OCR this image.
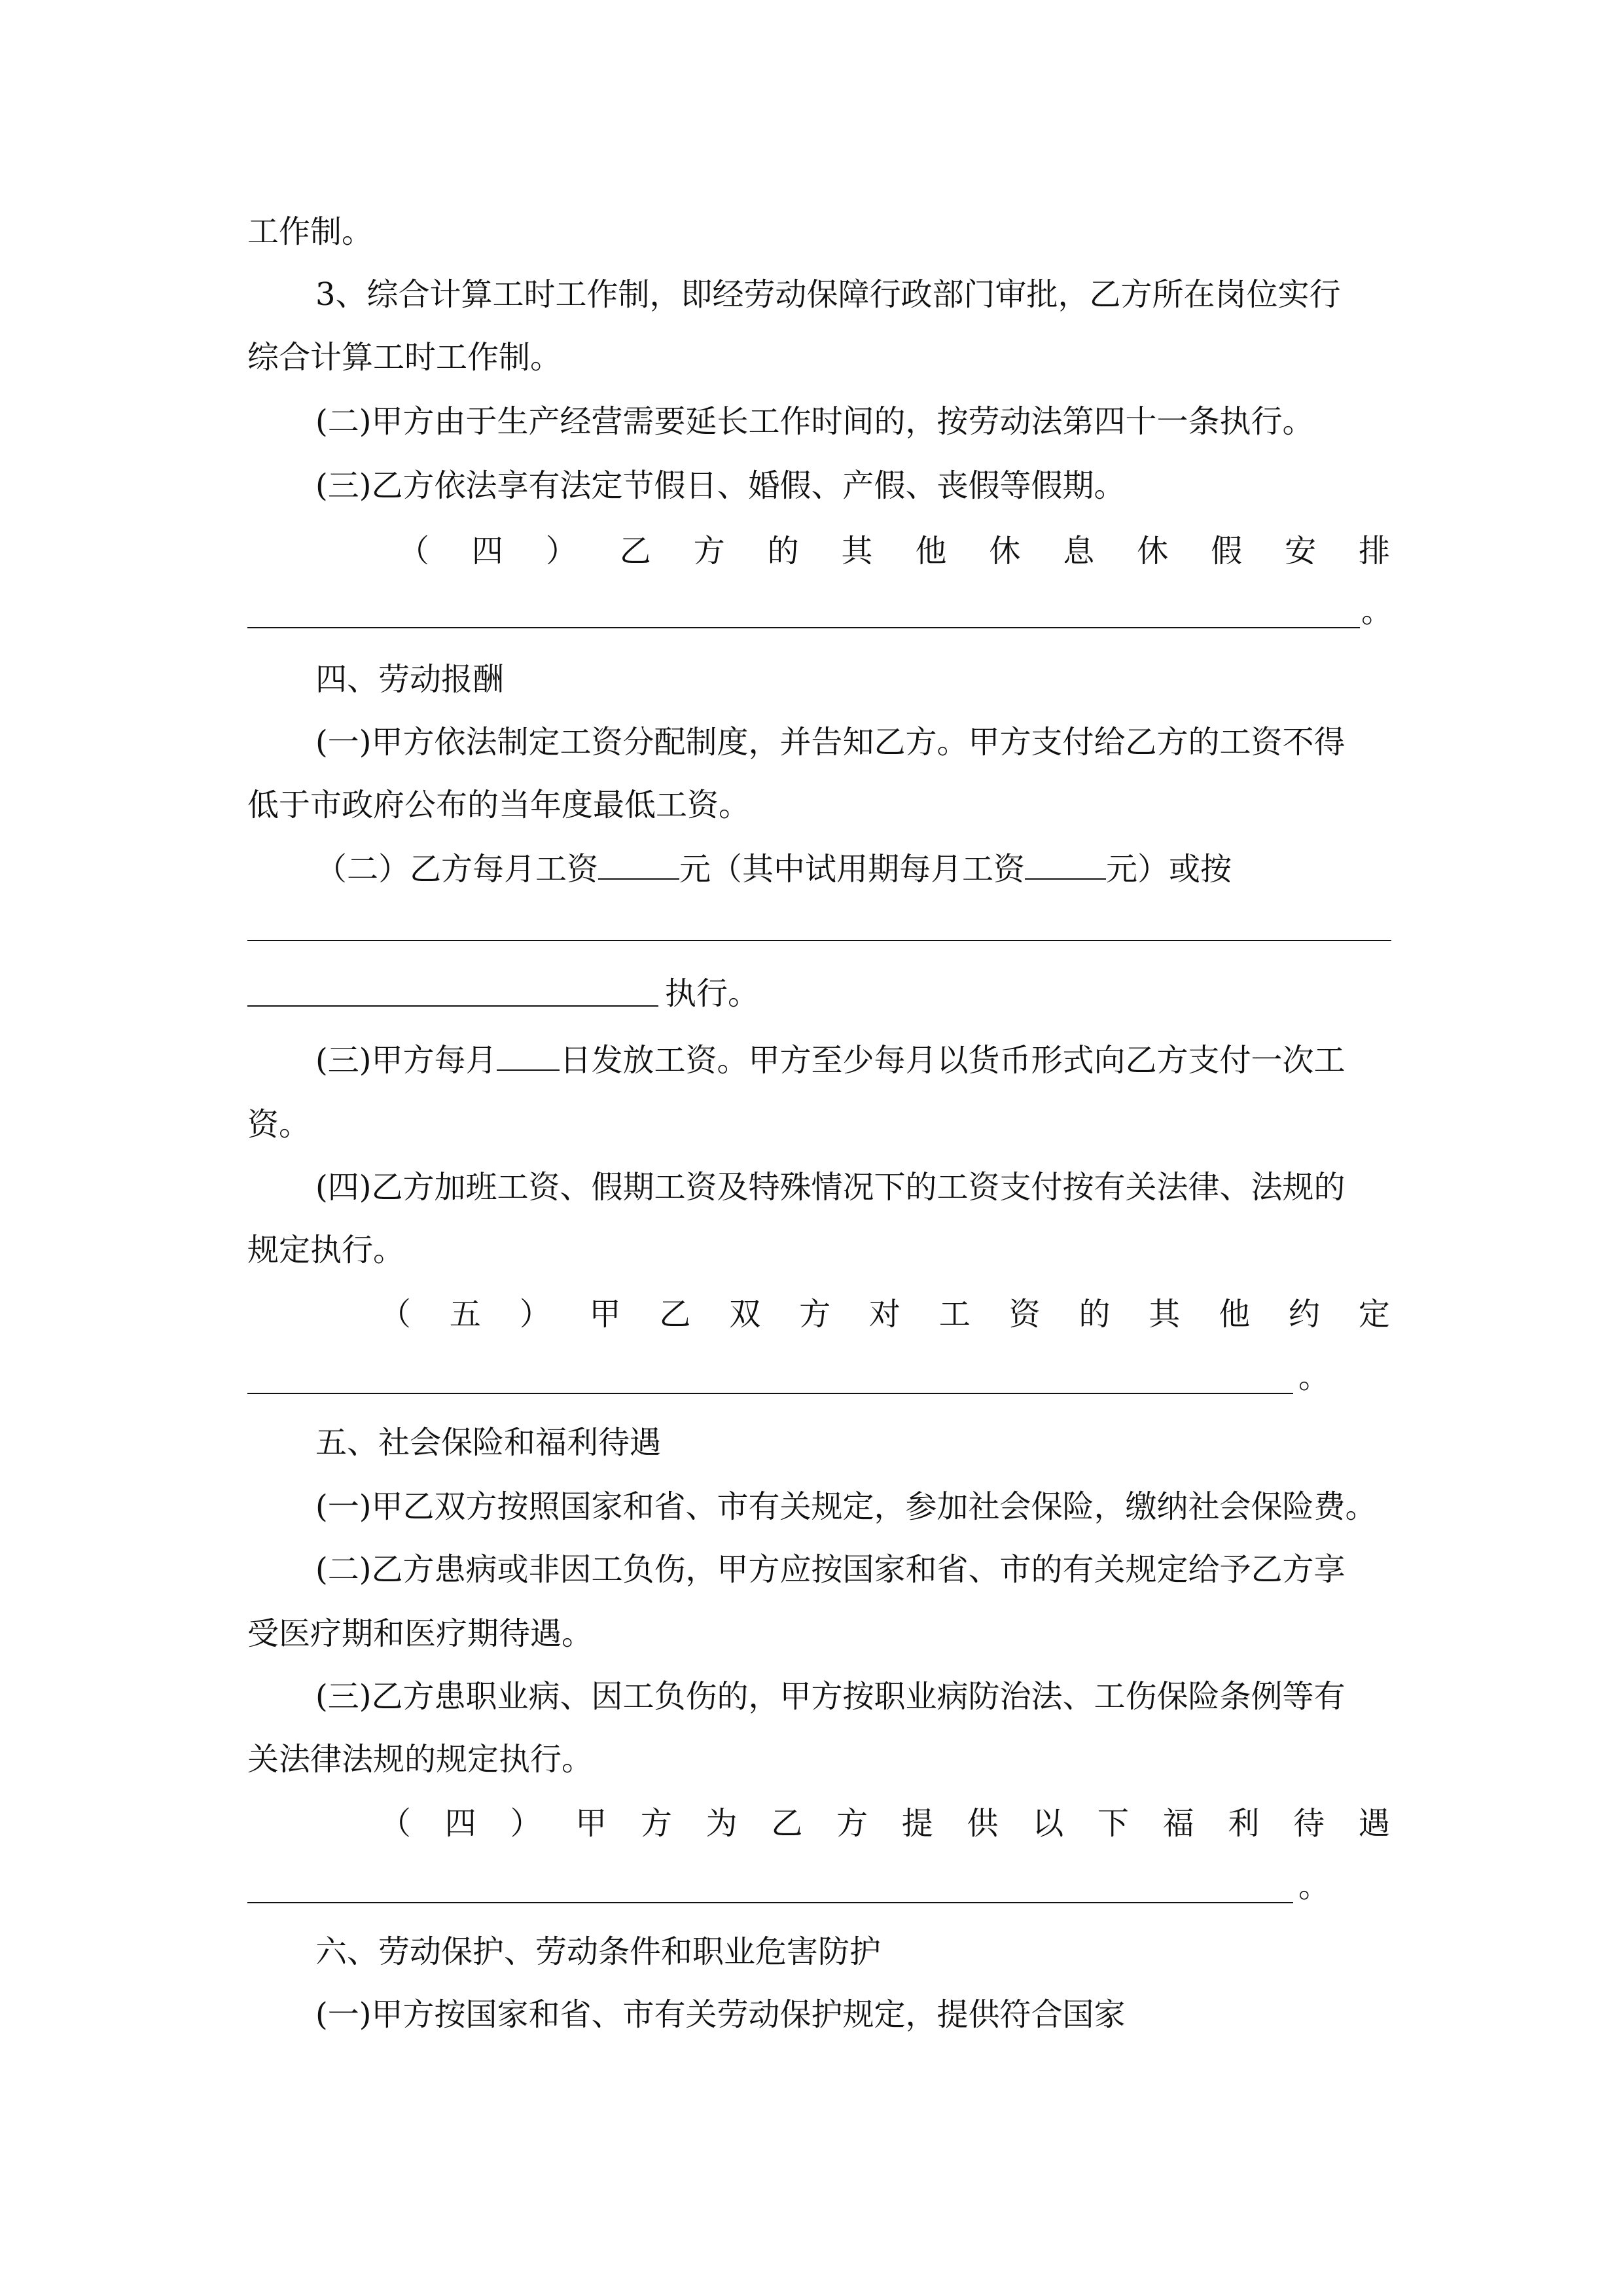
工作制。
3、综合计算工时工作制，即经劳动保障行政部门审批，乙方所在岗位实行
综合计算工时工作制。
(二)甲方由于生产经营需要延长工作时间的，按劳动法第四十一条执行。
(三)乙方依法享有法定节假日、婚假、产假、丧假等假期。
（ 四 ） 乙 方 的 其 他 休 息 休 假 安 排
。
四、劳动报酬
(一)甲方依法制定工资分配制度，并告知乙方。甲方支付给乙方的工资不得
低于市政府公布的当年度最低工资。
（二）乙方每月工资	元（其中试用期每月工资	元）或按
执行。
(三)甲方每月 日发放工资。甲方至少每月以货币形式向乙方支付一次工
资。
(四)乙方加班工资、假期工资及特殊情况下的工资支付按有关法律、法规的
规定执行。
（ 五 ） 甲 乙 双 方 对 工 资 的 其 他 约 定
。
五、社会保险和福利待遇
(一)甲乙双方按照国家和省、市有关规定，参加社会保险，缴纳社会保险费。
(二)乙方患病或非因工负伤，甲方应按国家和省、市的有关规定给予乙方享
受医疗期和医疗期待遇。
(三)乙方患职业病、因工负伤的，甲方按职业病防治法、工伤保险条例等有
关法律法规的规定执行。
（ 四 ） 甲 方 为 乙 方 提 供 以 下 福 利 待 遇
。
六、劳动保护、劳动条件和职业危害防护
(一)甲方按国家和省、市有关劳动保护规定，提供符合国家
